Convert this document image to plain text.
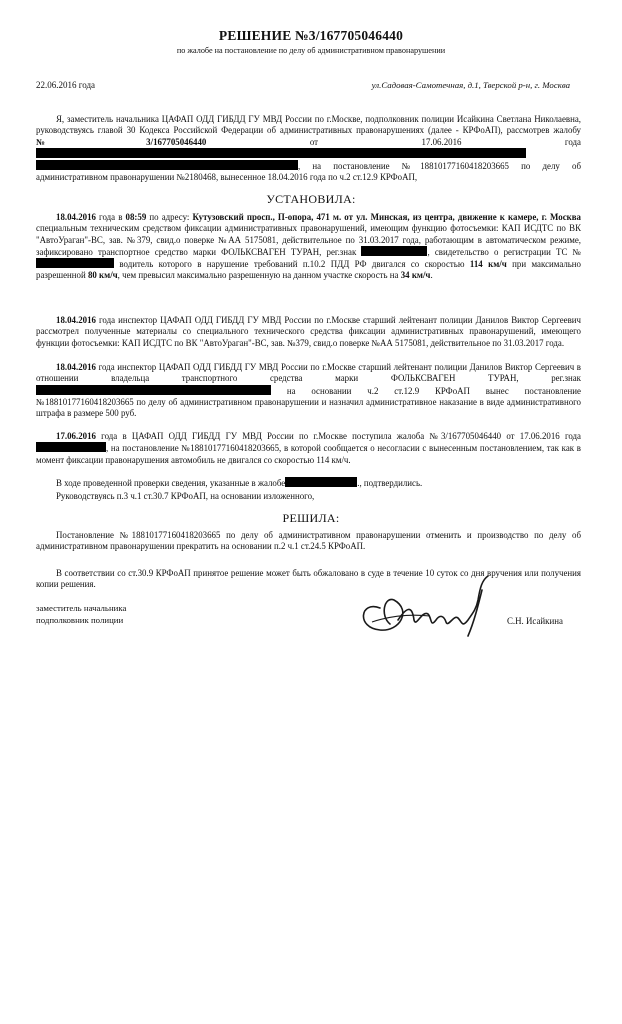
РЕШЕНИЕ №3/167705046440
по жалобе на постановление по делу об административном правонарушении
22.06.2016 года	ул.Садовая-Самотечная, д.1, Тверской р-н, г. Москва

Я, заместитель начальника ЦАФАП ОДД ГИБДД ГУ МВД России по г.Москве, подполковник полиции Исайкина Светлана Николаевна, руководствуясь главой 30 Кодекса Российской Федерации об административных правонарушениях (далее - КРФоАП), рассмотрев жалобу №3/167705046440 от 17.06.2016 года  , на постановление №18810177160418203665 по делу об административном правонарушении №2180468, вынесенное 18.04.2016 года по ч.2 ст.12.9 КРФоАП,

УСТАНОВИЛА:

18.04.2016 года в 08:59 по адресу: Кутузовский просп., П-опора, 471 м. от ул. Минская, из центра, движение к камере, г. Москва специальным техническим средством фиксации административных правонарушений, имеющим функцию фотосъемки: КАП ИСДТС по ВК "АвтоУраган"-ВС, зав. №379, свид.о поверке №АА 5175081, действительное по 31.03.2017 года, работающим в автоматическом режиме, зафиксировано транспортное средство марки ФОЛЬКСВАГЕН ТУРАН, рег.знак	, свидетельство о регистрации ТС № водитель которого в нарушение требований п.10.2 ПДД РФ двигался со скоростью 114 км/ч при максимально разрешенной 80 км/ч, чем превысил максимально разрешенную на данном участке скорость на 34 км/ч.

18.04.2016 года инспектор ЦАФАП ОДД ГИБДД ГУ МВД России по г.Москве старший лейтенант полиции Данилов Виктор Сергеевич рассмотрел полученные материалы со специального технического средства фиксации административных правонарушений, имеющего функции фотосъемки: КАП ИСДТС по ВК "АвтоУраган"-ВС, зав. №379, свид.о поверке №АА 5175081, действительное по 31.03.2017 года.

18.04.2016 года инспектор ЦАФАП ОДД ГИБДД ГУ МВД России по г.Москве старший лейтенант полиции Данилов Виктор Сергеевич в отношении владельца транспортного средства марки ФОЛЬКСВАГЕН ТУРАН, рег.знак  на основании ч.2 ст.12.9 КРФоАП вынес постановление №18810177160418203665 по делу об административном правонарушении и назначил административное наказание в виде административного штрафа в размере 500 руб.

17.06.2016 года в ЦАФАП ОДД ГИБДД ГУ МВД России по г.Москве поступила жалоба №3/167705046440 от 17.06.2016 года , на постановление №18810177160418203665, в которой сообщается о несогласии с вынесенным постановлением, так как в момент фиксации правонарушения автомобиль не двигался со скоростью 114 км/ч.

В ходе проведенной проверки сведения, указанные в жалобе	., подтвердились.

Руководствуясь п.3 ч.1 ст.30.7 КРФоАП, на основании изложенного,

РЕШИЛА:

Постановление №18810177160418203665 по делу об административном правонарушении отменить и производство по делу об административном правонарушении прекратить на основании п.2 ч.1 ст.24.5 КРФоАП.

В соответствии со ст.30.9 КРФоАП принятое решение может быть обжаловано в суде в течение 10 суток со дня вручения или получения копии решения.

заместитель начальника
подполковник полиции	С.Н. Исайкина
